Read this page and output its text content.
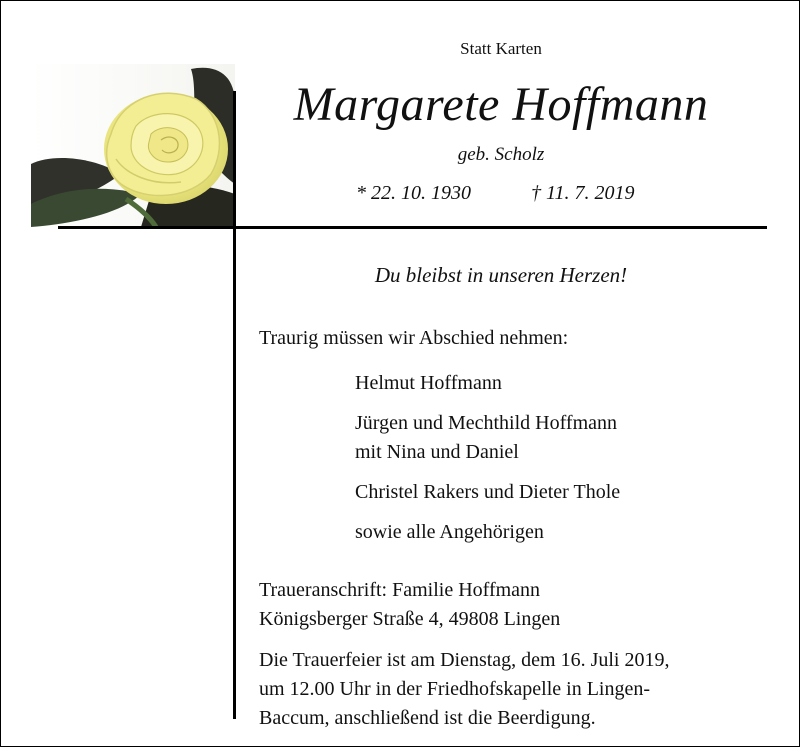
Statt Karten
Margarete Hoffmann
geb. Scholz
* 22. 10. 1930	† 11. 7. 2019
Du bleibst in unseren Herzen!
Traurig müssen wir Abschied nehmen:
Helmut Hoffmann
Jürgen und Mechthild Hoffmann
mit Nina und Daniel
Christel Rakers und Dieter Thole
sowie alle Angehörigen
Traueranschrift: Familie Hoffmann
Königsberger Straße 4, 49808 Lingen
Die Trauerfeier ist am Dienstag, dem 16. Juli 2019,
um 12.00 Uhr in der Friedhofskapelle in Lingen-
Baccum, anschließend ist die Beerdigung.
